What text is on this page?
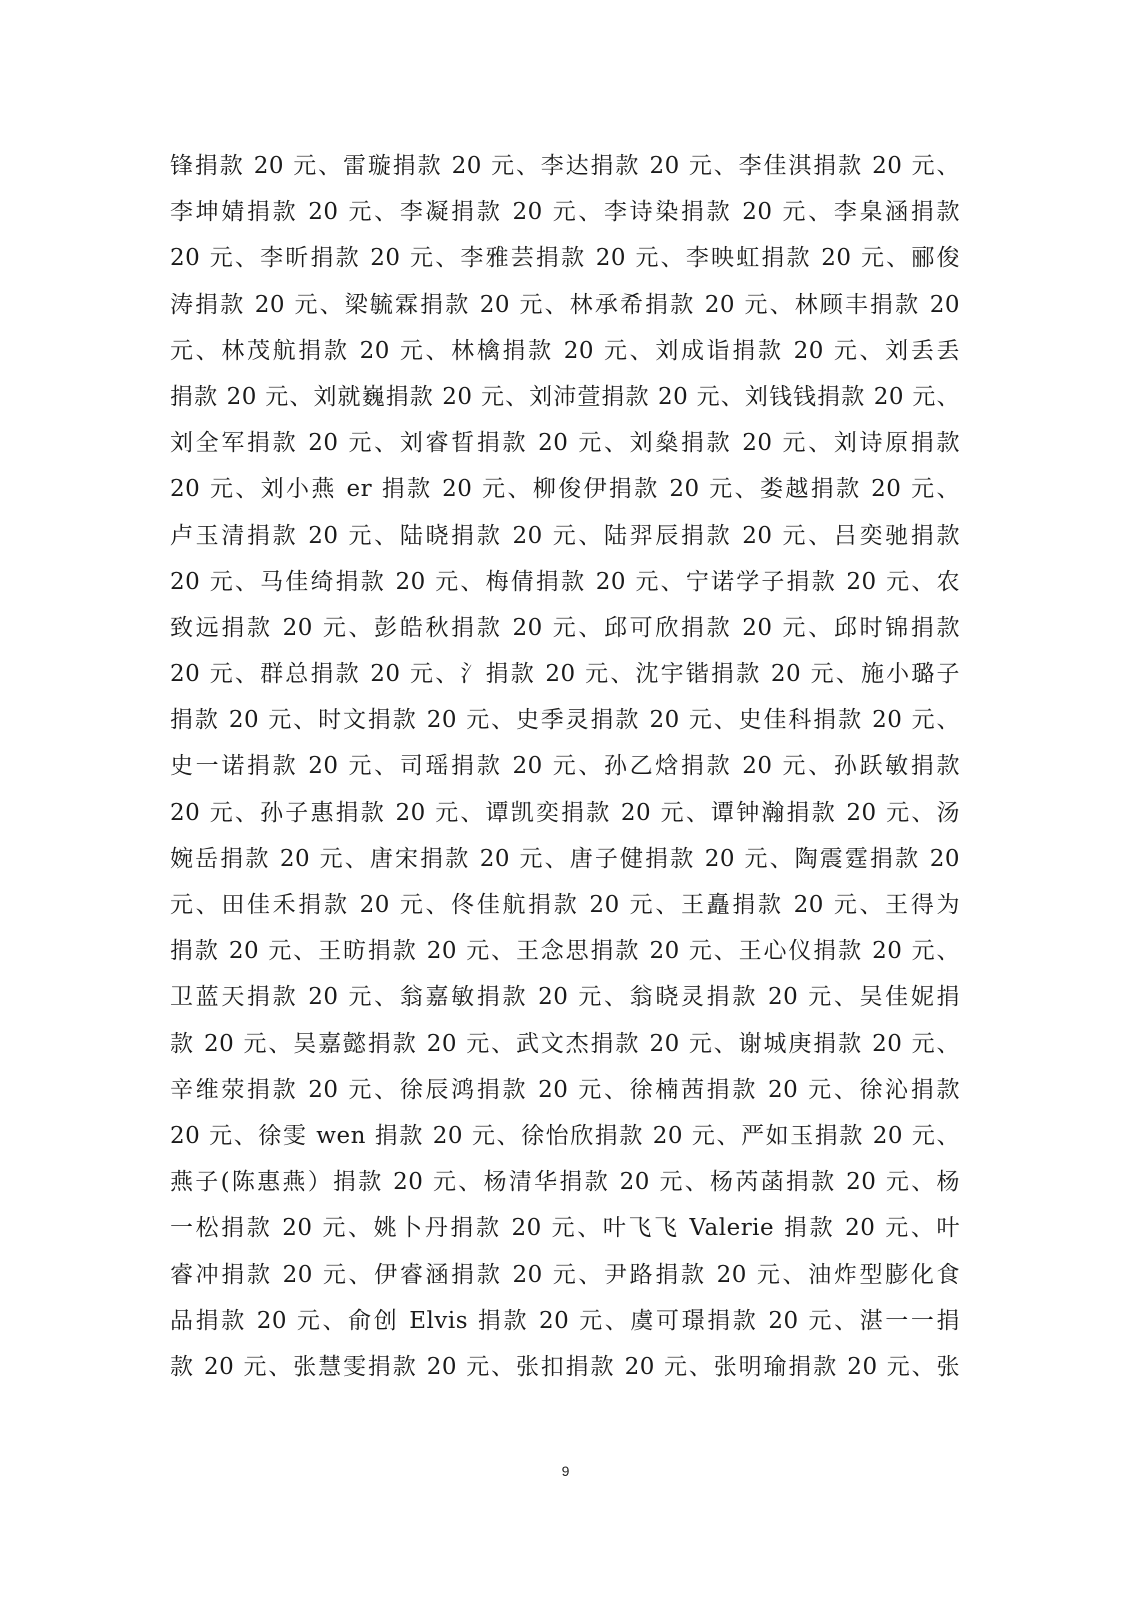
锋捐款 20 元、雷璇捐款 20 元、李达捐款 20 元、李佳淇捐款 20 元、
李坤婧捐款 20 元、李凝捐款 20 元、李诗染捐款 20 元、李臬涵捐款
20 元、李昕捐款 20 元、李雅芸捐款 20 元、李映虹捐款 20 元、郦俊
涛捐款 20 元、梁毓霖捐款 20 元、林承希捐款 20 元、林顾丰捐款 20
元、林茂航捐款 20 元、林檎捐款 20 元、刘成诣捐款 20 元、刘丢丢
捐款 20 元、刘就巍捐款 20 元、刘沛萱捐款 20 元、刘钱钱捐款 20 元、
刘全军捐款 20 元、刘睿晢捐款 20 元、刘燊捐款 20 元、刘诗原捐款
20 元、刘小燕 er 捐款 20 元、柳俊伊捐款 20 元、娄越捐款 20 元、
卢玉清捐款 20 元、陆晓捐款 20 元、陆羿辰捐款 20 元、吕奕驰捐款
20 元、马佳绮捐款 20 元、梅倩捐款 20 元、宁诺学子捐款 20 元、农
致远捐款 20 元、彭皓秋捐款 20 元、邱可欣捐款 20 元、邱时锦捐款
20 元、群总捐款 20 元、氵捐款 20 元、沈宇锴捐款 20 元、施小璐子
捐款 20 元、时文捐款 20 元、史季灵捐款 20 元、史佳科捐款 20 元、
史一诺捐款 20 元、司瑶捐款 20 元、孙乙焓捐款 20 元、孙跃敏捐款
20 元、孙子惠捐款 20 元、谭凯奕捐款 20 元、谭钟瀚捐款 20 元、汤
婉岳捐款 20 元、唐宋捐款 20 元、唐子健捐款 20 元、陶震霆捐款 20
元、田佳禾捐款 20 元、佟佳航捐款 20 元、王矗捐款 20 元、王得为
捐款 20 元、王昉捐款 20 元、王念思捐款 20 元、王心仪捐款 20 元、
卫蓝天捐款 20 元、翁嘉敏捐款 20 元、翁晓灵捐款 20 元、吴佳妮捐
款 20 元、吴嘉懿捐款 20 元、武文杰捐款 20 元、谢城庚捐款 20 元、
辛维荥捐款 20 元、徐辰鸿捐款 20 元、徐楠茜捐款 20 元、徐沁捐款
20 元、徐雯 wen 捐款 20 元、徐怡欣捐款 20 元、严如玉捐款 20 元、
燕子(陈惠燕）捐款 20 元、杨清华捐款 20 元、杨芮菡捐款 20 元、杨
一松捐款 20 元、姚卜丹捐款 20 元、叶飞飞 Valerie 捐款 20 元、叶
睿冲捐款 20 元、伊睿涵捐款 20 元、尹路捐款 20 元、油炸型膨化食
品捐款 20 元、俞创 Elvis 捐款 20 元、虞可璟捐款 20 元、湛一一捐
款 20 元、张慧雯捐款 20 元、张扣捐款 20 元、张明瑜捐款 20 元、张
9
